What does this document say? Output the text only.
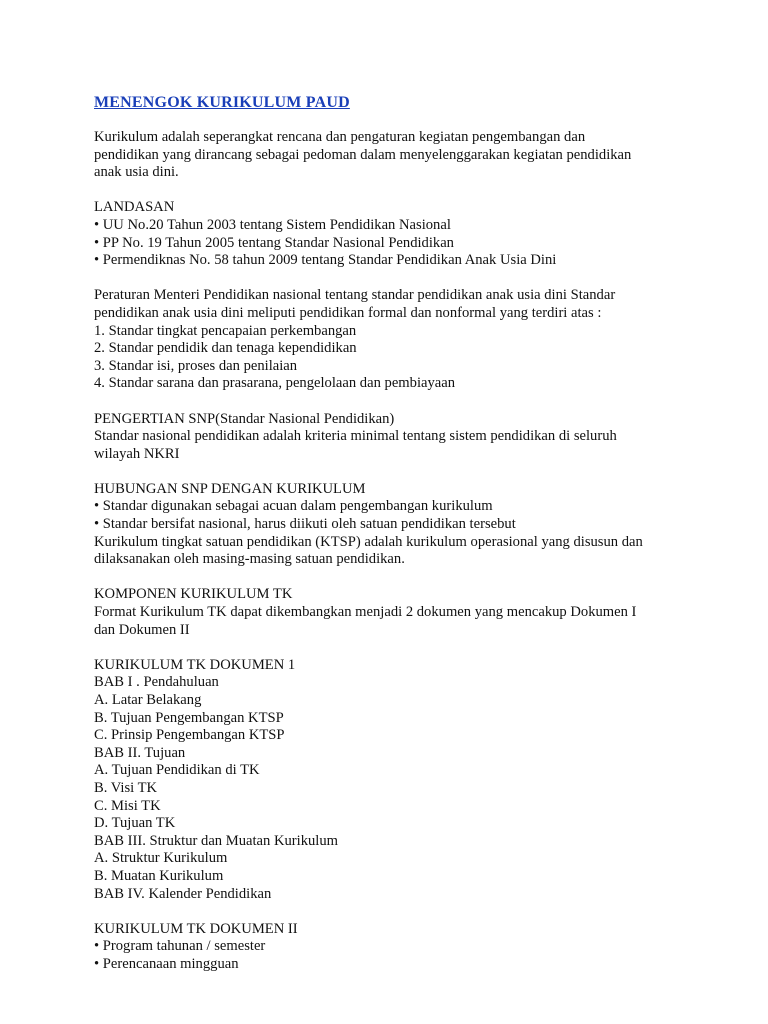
MENENGOK KURIKULUM PAUD

Kurikulum adalah seperangkat rencana dan pengaturan kegiatan pengembangan dan
pendidikan yang dirancang sebagai pedoman dalam menyelenggarakan kegiatan pendidikan
anak usia dini.

LANDASAN
• UU No.20 Tahun 2003 tentang Sistem Pendidikan Nasional
• PP No. 19 Tahun 2005 tentang Standar Nasional Pendidikan
• Permendiknas No. 58 tahun 2009 tentang Standar Pendidikan Anak Usia Dini
Peraturan Menteri Pendidikan nasional tentang standar pendidikan anak usia dini Standar
pendidikan anak usia dini meliputi pendidikan formal dan nonformal yang terdiri atas :
1. Standar tingkat pencapaian perkembangan
2. Standar pendidik dan tenaga kependidikan
3. Standar isi, proses dan penilaian
4. Standar sarana dan prasarana, pengelolaan dan pembiayaan
PENGERTIAN SNP(Standar Nasional Pendidikan)
Standar nasional pendidikan adalah kriteria minimal tentang sistem pendidikan di seluruh
wilayah NKRI
HUBUNGAN SNP DENGAN KURIKULUM
• Standar digunakan sebagai acuan dalam pengembangan kurikulum
• Standar bersifat nasional, harus diikuti oleh satuan pendidikan tersebut
Kurikulum tingkat satuan pendidikan (KTSP) adalah kurikulum operasional yang disusun dan
dilaksanakan oleh masing-masing satuan pendidikan.
KOMPONEN KURIKULUM TK
Format Kurikulum TK dapat dikembangkan menjadi 2 dokumen yang mencakup Dokumen I
dan Dokumen II
KURIKULUM TK DOKUMEN 1
BAB I . Pendahuluan
A. Latar Belakang
B. Tujuan Pengembangan KTSP
C. Prinsip Pengembangan KTSP
BAB II. Tujuan
A. Tujuan Pendidikan di TK
B. Visi TK
C. Misi TK
D. Tujuan TK
BAB III. Struktur dan Muatan Kurikulum
A. Struktur Kurikulum
B. Muatan Kurikulum
BAB IV. Kalender Pendidikan
KURIKULUM TK DOKUMEN II
• Program tahunan / semester
• Perencanaan mingguan
